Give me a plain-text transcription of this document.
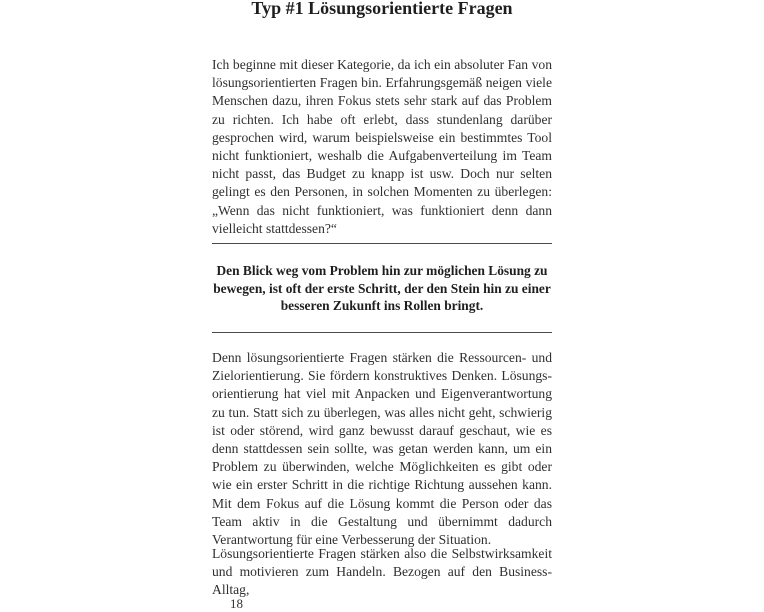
Typ #1 Lösungsorientierte Fragen

Ich beginne mit dieser Kategorie, da ich ein absoluter Fan von lösungsorientierten Fragen bin. Erfahrungsgemäß neigen viele Menschen dazu, ihren Fokus stets sehr stark auf das Problem zu richten. Ich habe oft erlebt, dass stundenlang darüber gesprochen wird, warum beispielsweise ein bestimmtes Tool nicht funktioniert, weshalb die Aufgabenverteilung im Team nicht passt, das Budget zu knapp ist usw. Doch nur selten gelingt es den Personen, in solchen Momenten zu überlegen: „Wenn das nicht funktioniert, was funktioniert denn dann vielleicht stattdessen?“

Den Blick weg vom Problem hin zur möglichen Lösung zu bewegen, ist oft der erste Schritt, der den Stein hin zu einer besseren Zukunft ins Rollen bringt.

Denn lösungsorientierte Fragen stärken die Ressourcen- und Zielorientierung. Sie fördern konstruktives Denken. Lösungsorientierung hat viel mit Anpacken und Eigenverantwortung zu tun. Statt sich zu überlegen, was alles nicht geht, schwierig ist oder störend, wird ganz bewusst darauf geschaut, wie es denn stattdessen sein sollte, was getan werden kann, um ein Problem zu überwinden, welche Möglichkeiten es gibt oder wie ein erster Schritt in die richtige Richtung aussehen kann. Mit dem Fokus auf die Lösung kommt die Person oder das Team aktiv in die Gestaltung und übernimmt dadurch Verantwortung für eine Verbesserung der Situation.

Lösungsorientierte Fragen stärken also die Selbstwirksamkeit und motivieren zum Handeln. Bezogen auf den Business-Alltag,

18
